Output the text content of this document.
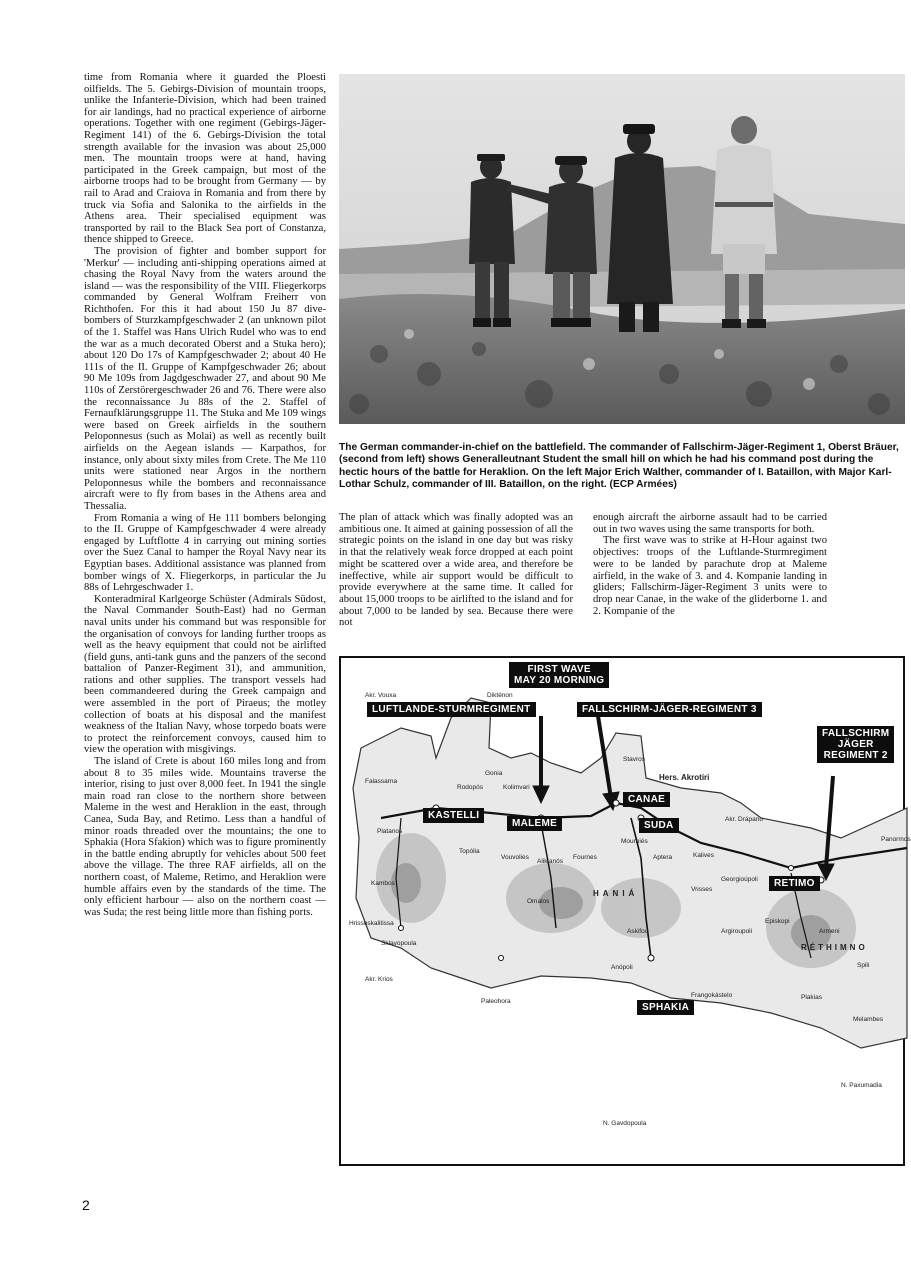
time from Romania where it guarded the Ploesti oilfields. The 5. Gebirgs-Division of mountain troops, unlike the Infanterie-Division, which had been trained for air landings, had no practical experience of airborne operations. Together with one regiment (Gebirgs-Jäger-Regiment 141) of the 6. Gebirgs-Division the total strength available for the invasion was about 25,000 men. The mountain troops were at hand, having participated in the Greek campaign, but most of the airborne troops had to be brought from Germany — by rail to Arad and Craiova in Romania and from there by truck via Sofia and Salonika to the airfields in the Athens area. Their specialised equipment was transported by rail to the Black Sea port of Constanza, thence shipped to Greece.

The provision of fighter and bomber support for 'Merkur' — including anti-shipping operations aimed at chasing the Royal Navy from the waters around the island — was the responsibility of the VIII. Fliegerkorps commanded by General Wolfram Freiherr von Richthofen. For this it had about 150 Ju 87 dive-bombers of Sturzkampfgeschwader 2 (an unknown pilot of the 1. Staffel was Hans Ulrich Rudel who was to end the war as a much decorated Oberst and a Stuka hero); about 120 Do 17s of Kampfgeschwader 2; about 40 He 111s of the II. Gruppe of Kampfgeschwader 26; about 90 Me 109s from Jagdgeschwader 27, and about 90 Me 110s of Zerstörergeschwader 26 and 76. There were also the reconnaissance Ju 88s of the 2. Staffel of Fernaufklärungsgruppe 11. The Stuka and Me 109 wings were based on Greek airfields in the southern Peloponnesus (such as Molai) as well as recently built airfields on the Aegean islands — Karpathos, for instance, only about sixty miles from Crete. The Me 110 units were stationed near Argos in the northern Peloponnesus while the bombers and reconnaissance aircraft were to fly from bases in the Athens area and Thessalia.

From Romania a wing of He 111 bombers belonging to the II. Gruppe of Kampfgeschwader 4 were already engaged by Luftflotte 4 in carrying out mining sorties over the Suez Canal to hamper the Royal Navy near its Egyptian bases. Additional assistance was planned from bomber wings of X. Fliegerkorps, in particular the Ju 88s of Lehrgeschwader 1.

Konteradmiral Karlgeorge Schüster (Admirals Südost, the Naval Commander South-East) had no German naval units under his command but was responsible for the organisation of convoys for landing further troops as well as the heavy equipment that could not be airlifted (field guns, anti-tank guns and the panzers of the second battalion of Panzer-Regiment 31), and ammunition, rations and other supplies. The transport vessels had been commandeered during the Greek campaign and were assembled in the port of Piraeus; the motley collection of boats at his disposal and the manifest weakness of the Italian Navy, whose torpedo boats were to protect the reinforcement convoys, caused him to view the operation with misgivings.

The island of Crete is about 160 miles long and from about 8 to 35 miles wide. Mountains traverse the interior, rising to just over 8,000 feet. In 1941 the single main road ran close to the northern shore between Maleme in the west and Heraklion in the east, through Canea, Suda Bay, and Retimo. Less than a handful of minor roads threaded over the mountains; the one to Sphakia (Hora Sfakion) which was to figure prominently in the battle ending abruptly for vehicles about 500 feet above the village. The three RAF airfields, all on the northern coast, of Maleme, Retimo, and Heraklion were humble affairs even by the standards of the time. The only efficient harbour — also on the northern coast — was Suda; the rest being little more than fishing ports.

The German commander-in-chief on the battlefield. The commander of Fallschirm-Jäger-Regiment 1, Oberst Bräuer, (second from left) shows Generalleutnant Student the small hill on which he had his command post during the hectic hours of the battle for Heraklion. On the left Major Erich Walther, commander of I. Bataillon, with Major Karl-Lothar Schulz, commander of III. Bataillon, on the right. (ECP Armées)

The plan of attack which was finally adopted was an ambitious one. It aimed at gaining possession of all the strategic points on the island in one day but was risky in that the relatively weak force dropped at each point might be scattered over a wide area, and therefore be ineffective, while air support would be difficult to provide everywhere at the same time. It called for about 15,000 troops to be airlifted to the island and for about 7,000 to be landed by sea. Because there were not

enough aircraft the airborne assault had to be carried out in two waves using the same transports for both.

The first wave was to strike at H-Hour against two objectives: troops of the Luftlande-Sturmregiment were to be landed by parachute drop at Maleme airfield, in the wake of 3. and 4. Kompanie landing in gliders; Fallschirm-Jäger-Regiment 3 units were to drop near Canae, in the wake of the gliderborne 1. and 2. Kompanie of the

FIRST WAVE
MAY 20 MORNING
LUFTLANDE-STURMREGIMENT	FALLSCHIRM-JÄGER-REGIMENT 3
FALLSCHIRM
JÄGER
REGIMENT 2
KASTELLI
MALEME
CANAE
SUDA
RETIMO
SPHAKIA
Dikténon
Akr. Vouxa
Falassarna
Platanos
Kambos
Hrissoskalitissa
Akr. Krios
Sklavopoula
Paleohora
Rodopós
Gonia
Kolimvari
Topólia
Vouvolies
Alikianós
Fournes
Stavros
Hers. Akrotiri
Akr. Drápano
Mourniés
Aptera	Kalives
Vrisses
Georgioúpoli
HANIÁ
Omalos
Askifou
Anópoli
Frangokástelo
Argiroupoli
Episkopi
Armeni
RÉTHIMNO
Spili
Plakias
Melambes
N. Gavdopoula
N. Paxumadia
Panormos
2
